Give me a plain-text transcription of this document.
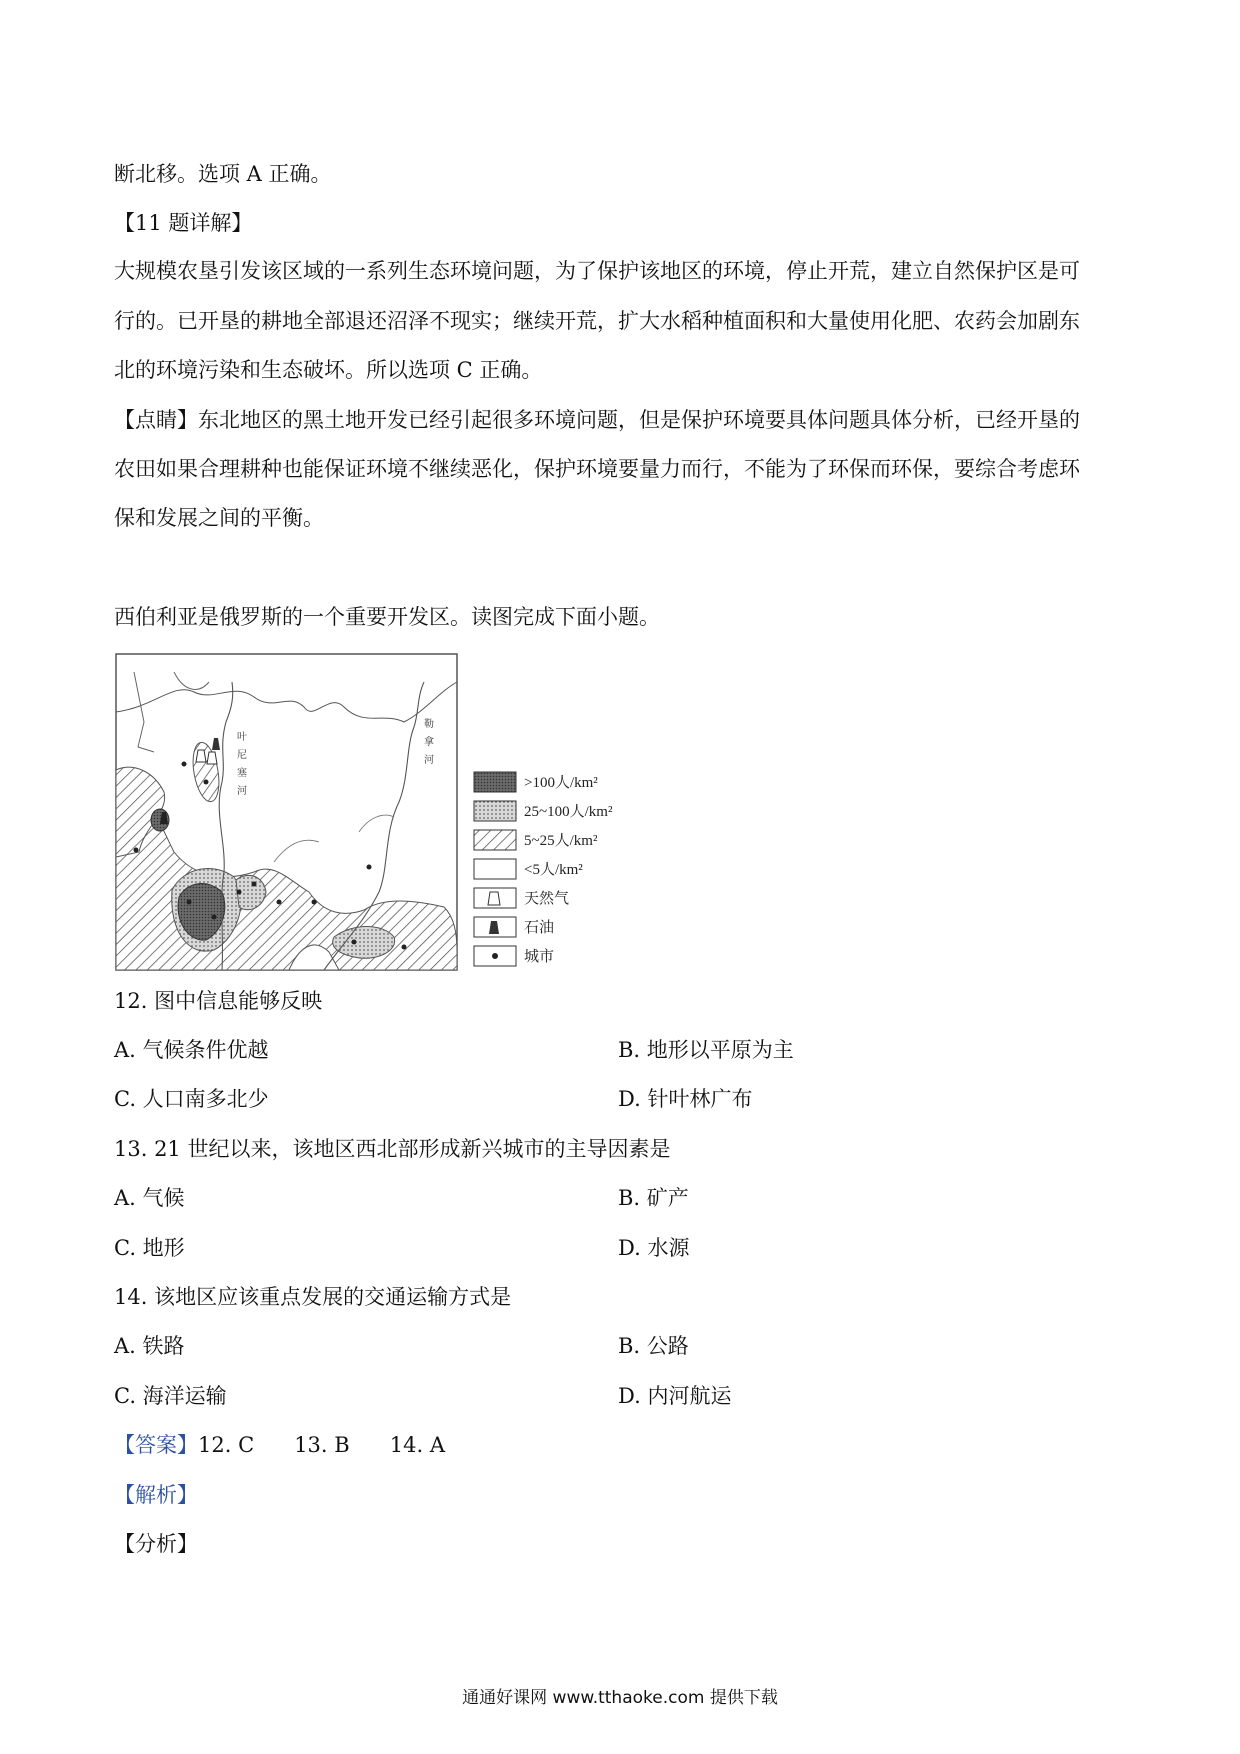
断北移。选项 A 正确。
【11 题详解】
大规模农垦引发该区域的一系列生态环境问题，为了保护该地区的环境，停止开荒，建立自然保护区是可
行的。已开垦的耕地全部退还沼泽不现实；继续开荒，扩大水稻种植面积和大量使用化肥、农药会加剧东
北的环境污染和生态破坏。所以选项 C 正确。
【点睛】东北地区的黑土地开发已经引起很多环境问题，但是保护环境要具体问题具体分析，已经开垦的
农田如果合理耕种也能保证环境不继续恶化，保护环境要量力而行，不能为了环保而环保，要综合考虑环
保和发展之间的平衡。
西伯利亚是俄罗斯的一个重要开发区。读图完成下面小题。
叶
尼
塞
河
勒
拿
河
>100人/km²
25~100人/km²
5~25人/km²
<5人/km²
天然气
石油
城市
12. 图中信息能够反映
A. 气候条件优越	B. 地形以平原为主
C. 人口南多北少	D. 针叶林广布
13. 21 世纪以来，该地区西北部形成新兴城市的主导因素是
A. 气候	B. 矿产
C. 地形	D. 水源
14. 该地区应该重点发展的交通运输方式是
A. 铁路	B. 公路
C. 海洋运输	D. 内河航运
【答案】12. C      13. B      14. A
【解析】
【分析】
通通好课网 www.tthaoke.com 提供下载
